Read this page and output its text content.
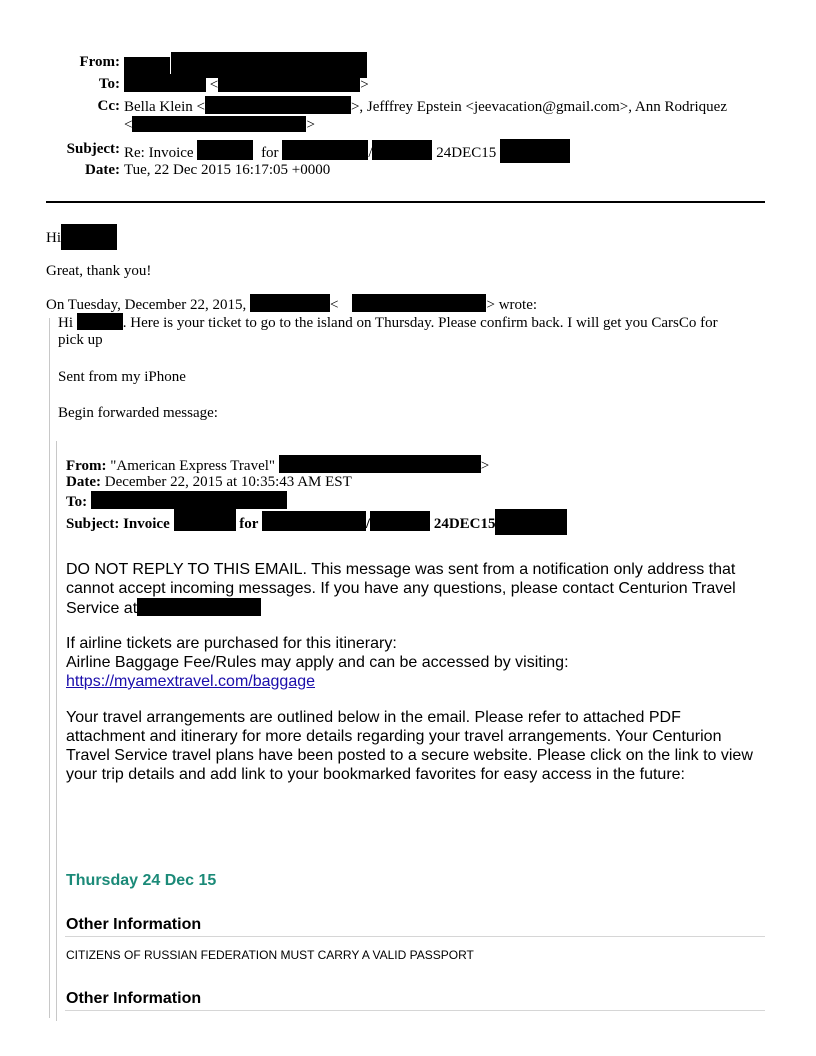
From:
To:	<	>
Cc: Bella Klein <	>, Jefffrey Epstein <jeevacation@gmail.com>, Ann Rodriquez
<	>
Subject: Re: Invoice	for	/	24DEC15
Date: Tue, 22 Dec 2015 16:17:05 +0000
Hi
Great, thank you!
On Tuesday, December 22, 2015,	<	> wrote:
Hi	. Here is your ticket to go to the island on Thursday. Please confirm back. I will get you CarsCo for
pick up
Sent from my iPhone
Begin forwarded message:
From: "American Express Travel"	>
Date: December 22, 2015 at 10:35:43 AM EST
To:
Subject: Invoice	for	/	24DEC15
DO NOT REPLY TO THIS EMAIL. This message was sent from a notification only address that
cannot accept incoming messages. If you have any questions, please contact Centurion Travel
Service at
If airline tickets are purchased for this itinerary:
Airline Baggage Fee/Rules may apply and can be accessed by visiting:
https://myamextravel.com/baggage
Your travel arrangements are outlined below in the email. Please refer to attached PDF
attachment and itinerary for more details regarding your travel arrangements. Your Centurion
Travel Service travel plans have been posted to a secure website. Please click on the link to view
your trip details and add link to your bookmarked favorites for easy access in the future:
Thursday 24 Dec 15
Other Information
CITIZENS OF RUSSIAN FEDERATION MUST CARRY A VALID PASSPORT
Other Information
